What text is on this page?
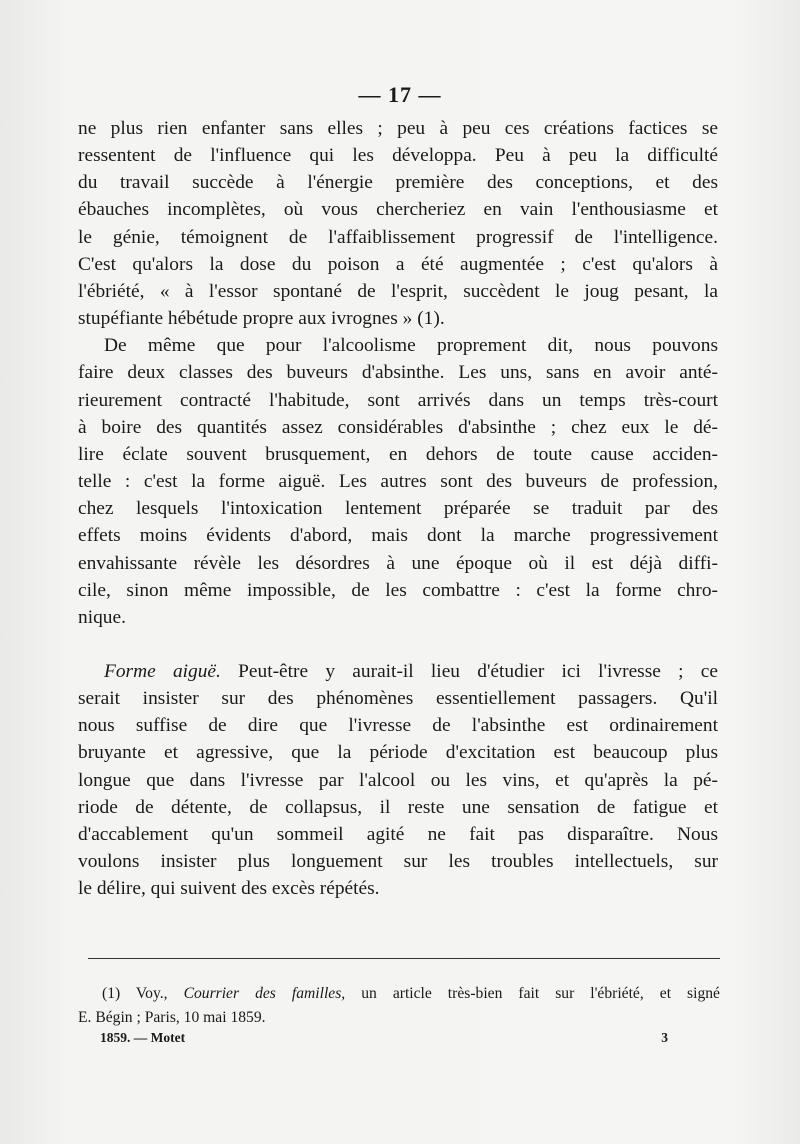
— 17 —

ne plus rien enfanter sans elles ; peu à peu ces créations factices se
ressentent de l'influence qui les développa. Peu à peu la difficulté
du travail succède à l'énergie première des conceptions, et des
ébauches incomplètes, où vous chercheriez en vain l'enthousiasme et
le génie, témoignent de l'affaiblissement progressif de l'intelligence.
C'est qu'alors la dose du poison a été augmentée ; c'est qu'alors à
l'ébriété, « à l'essor spontané de l'esprit, succèdent le joug pesant, la
stupéfiante hébétude propre aux ivrognes » (1).

De même que pour l'alcoolisme proprement dit, nous pouvons
faire deux classes des buveurs d'absinthe. Les uns, sans en avoir anté-
rieurement contracté l'habitude, sont arrivés dans un temps très-court
à boire des quantités assez considérables d'absinthe ; chez eux le dé-
lire éclate souvent brusquement, en dehors de toute cause acciden-
telle : c'est la forme aiguë. Les autres sont des buveurs de profession,
chez lesquels l'intoxication lentement préparée se traduit par des
effets moins évidents d'abord, mais dont la marche progressivement
envahissante révèle les désordres à une époque où il est déjà diffi-
cile, sinon même impossible, de les combattre : c'est la forme chro-
nique.

Forme aiguë. Peut-être y aurait-il lieu d'étudier ici l'ivresse ; ce
serait insister sur des phénomènes essentiellement passagers. Qu'il
nous suffise de dire que l'ivresse de l'absinthe est ordinairement
bruyante et agressive, que la période d'excitation est beaucoup plus
longue que dans l'ivresse par l'alcool ou les vins, et qu'après la pé-
riode de détente, de collapsus, il reste une sensation de fatigue et
d'accablement qu'un sommeil agité ne fait pas disparaître. Nous
voulons insister plus longuement sur les troubles intellectuels, sur
le délire, qui suivent des excès répétés.

(1) Voy., Courrier des familles, un article très-bien fait sur l'ébriété, et signé
E. Bégin ; Paris, 10 mai 1859.
1859. — Motet	3
